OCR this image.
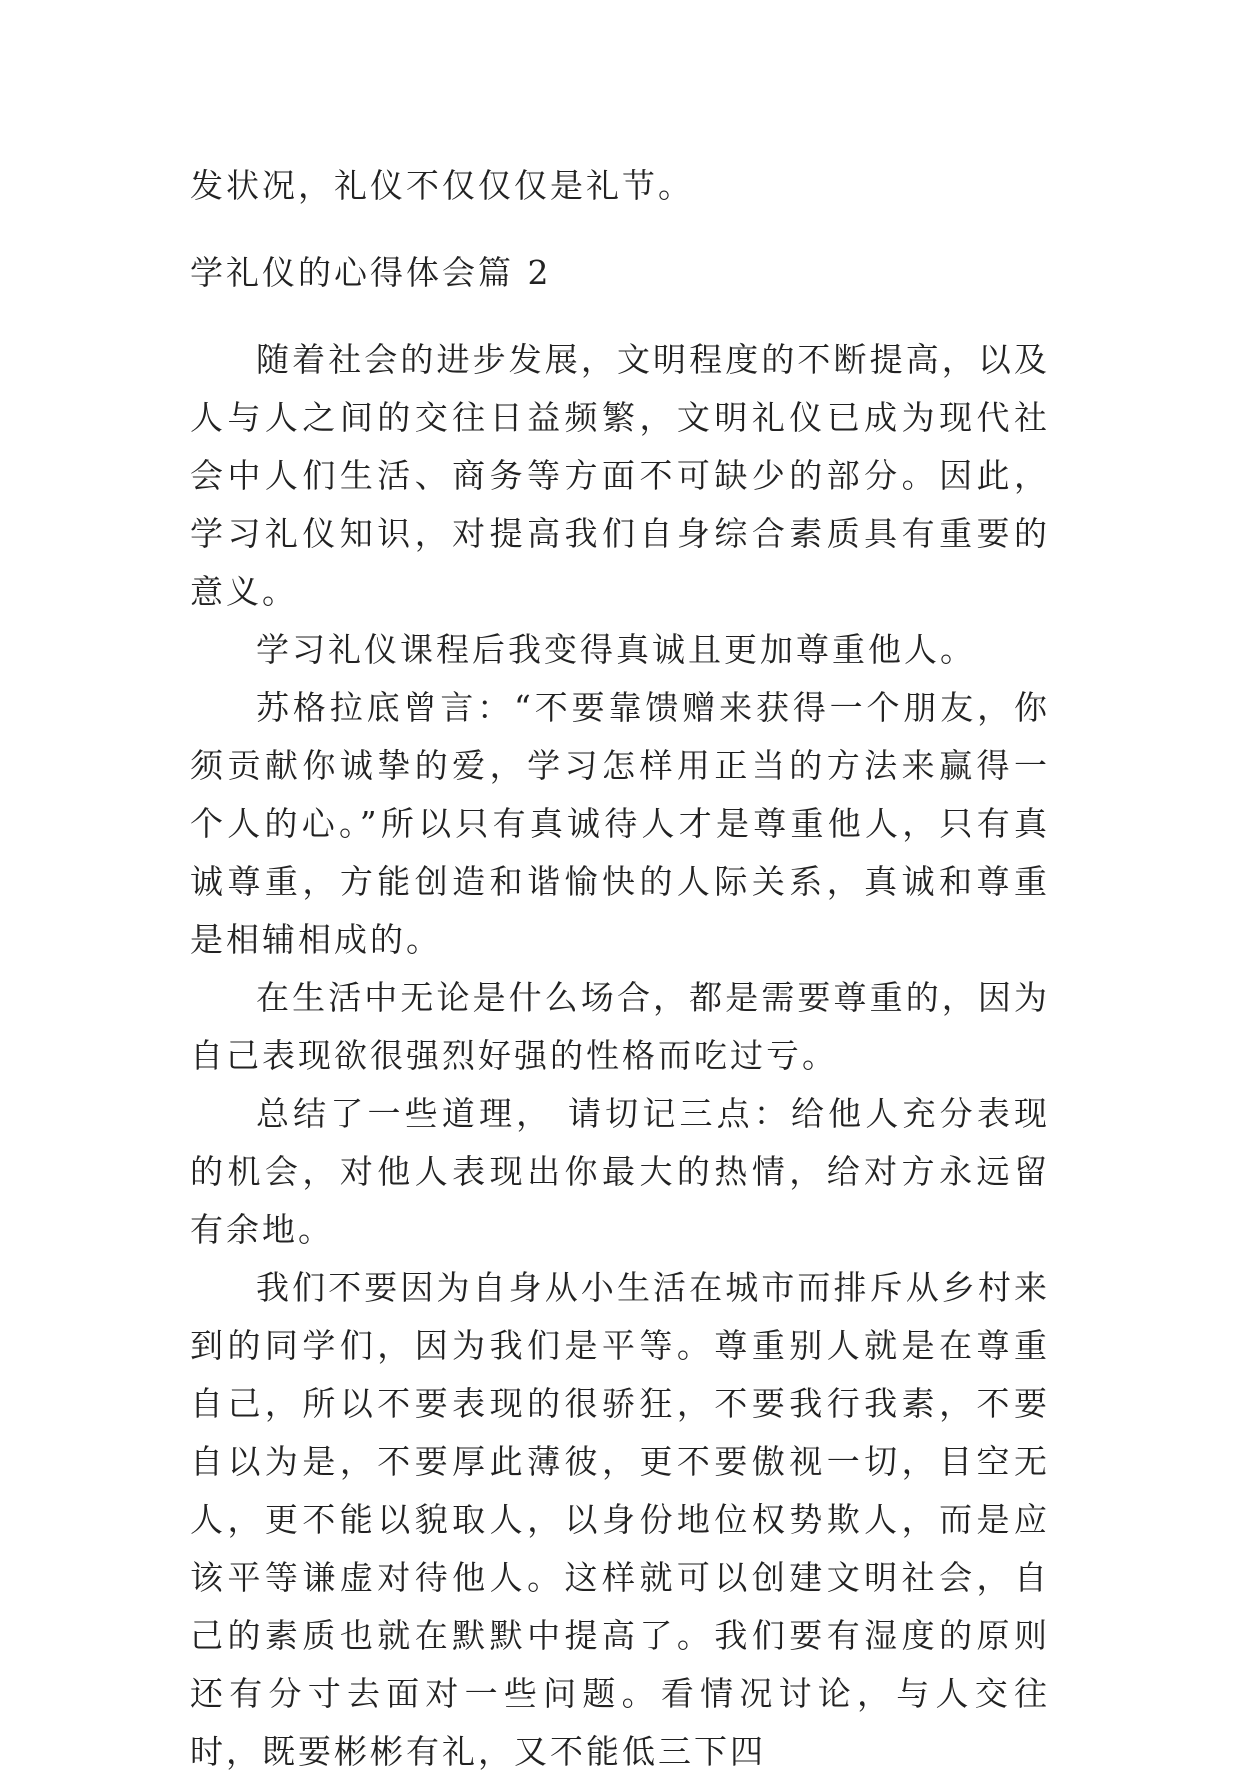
发状况，礼仪不仅仅仅是礼节。

学礼仪的心得体会篇 2

随着社会的进步发展，文明程度的不断提高，以及人与人之间的交往日益频繁，文明礼仪已成为现代社会中人们生活、商务等方面不可缺少的部分。因此，学习礼仪知识，对提高我们自身综合素质具有重要的意义。

学习礼仪课程后我变得真诚且更加尊重他人。

苏格拉底曾言：“不要靠馈赠来获得一个朋友，你须贡献你诚挚的爱，学习怎样用正当的方法来赢得一个人的心。”所以只有真诚待人才是尊重他人，只有真诚尊重，方能创造和谐愉快的人际关系，真诚和尊重是相辅相成的。

在生活中无论是什么场合，都是需要尊重的，因为自己表现欲很强烈好强的性格而吃过亏。

总结了一些道理， 请切记三点：给他人充分表现的机会，对他人表现出你最大的热情，给对方永远留有余地。

我们不要因为自身从小生活在城市而排斥从乡村来到的同学们，因为我们是平等。尊重别人就是在尊重自己，所以不要表现的很骄狂，不要我行我素，不要自以为是，不要厚此薄彼，更不要傲视一切，目空无人，更不能以貌取人，以身份地位权势欺人，而是应该平等谦虚对待他人。这样就可以创建文明社会，自己的素质也就在默默中提高了。我们要有湿度的原则还有分寸去面对一些问题。看情况讨论，与人交往时，既要彬彬有礼，又不能低三下四
